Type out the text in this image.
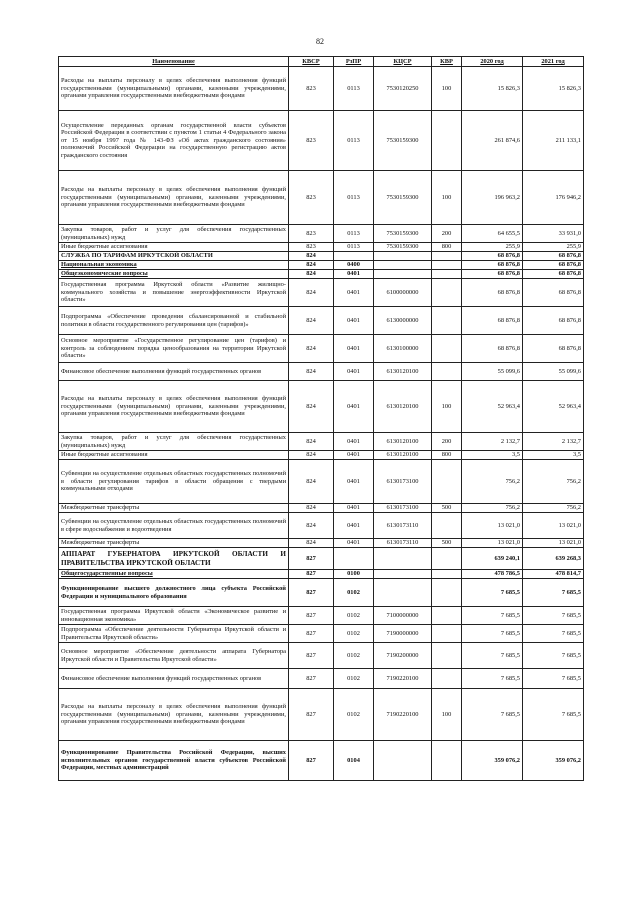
82
Наименование	КВСР	РзПР	КЦСР	КВР	2020 год	2021 год
Расходы на выплаты персоналу в целях обеспечения выполнения функций государственными (муниципальными) органами, казенными учреждениями, органами управления государственными внебюджетными фондами	823	0113	7530120250	100	15 826,3	15 826,3
Осуществление переданных органам государственной власти субъектов Российской Федерации в соответствии с пунктом 1 статьи 4 Федерального закона от 15 ноября 1997 года № 143-ФЗ «Об актах гражданского состояния» полномочий Российской Федерации на государственную регистрацию актов гражданского состояния	823	0113	7530159300		261 874,6	211 133,1
Расходы на выплаты персоналу в целях обеспечения выполнения функций государственными (муниципальными) органами, казенными учреждениями, органами управления государственными внебюджетными фондами	823	0113	7530159300	100	196 963,2	176 946,2
Закупка товаров, работ и услуг для обеспечения государственных (муниципальных) нужд	823	0113	7530159300	200	64 655,5	33 931,0
Иные бюджетные ассигнования	823	0113	7530159300	800	255,9	255,9
СЛУЖБА ПО ТАРИФАМ ИРКУТСКОЙ ОБЛАСТИ	824				68 876,8	68 876,8
Национальная экономика	824	0400			68 876,8	68 876,8
Общеэкономические вопросы	824	0401			68 876,8	68 876,8
Государственная программа Иркутской области «Развитие жилищно-коммунального хозяйства и повышение энергоэффективности Иркутской области»	824	0401	6100000000		68 876,8	68 876,8
Подпрограмма «Обеспечение проведения сбалансированной и стабильной политики в области государственного регулирования цен (тарифов)»	824	0401	6130000000		68 876,8	68 876,8
Основное мероприятие «Государственное регулирование цен (тарифов) и контроль за соблюдением порядка ценообразования на территории Иркутской области»	824	0401	6130100000		68 876,8	68 876,8
Финансовое обеспечение выполнения функций государственных органов	824	0401	6130120100		55 099,6	55 099,6
Расходы на выплаты персоналу в целях обеспечения выполнения функций государственными (муниципальными) органами, казенными учреждениями, органами управления государственными внебюджетными фондами	824	0401	6130120100	100	52 963,4	52 963,4
Закупка товаров, работ и услуг для обеспечения государственных (муниципальных) нужд	824	0401	6130120100	200	2 132,7	2 132,7
Иные бюджетные ассигнования	824	0401	6130120100	800	3,5	3,5
Субвенции на осуществление отдельных областных государственных полномочий в области регулирования тарифов в области обращения с твердыми коммунальными отходами	824	0401	6130173100		756,2	756,2
Межбюджетные трансферты	824	0401	6130173100	500	756,2	756,2
Субвенции на осуществление отдельных областных государственных полномочий в сфере водоснабжения и водоотведения	824	0401	6130173110		13 021,0	13 021,0
Межбюджетные трансферты	824	0401	6130173110	500	13 021,0	13 021,0
АППАРАТ ГУБЕРНАТОРА ИРКУТСКОЙ ОБЛАСТИ И ПРАВИТЕЛЬСТВА ИРКУТСКОЙ ОБЛАСТИ	827				639 240,1	639 268,3
Общегосударственные вопросы	827	0100			478 786,5	478 814,7
Функционирование высшего должностного лица субъекта Российской Федерации и муниципального образования	827	0102			7 685,5	7 685,5
Государственная программа Иркутской области «Экономическое развитие и инновационная экономика»	827	0102	7100000000		7 685,5	7 685,5
Подпрограмма «Обеспечение деятельности Губернатора Иркутской области и Правительства Иркутской области»	827	0102	7190000000		7 685,5	7 685,5
Основное мероприятие «Обеспечение деятельности аппарата Губернатора Иркутской области и Правительства Иркутской области»	827	0102	7190200000		7 685,5	7 685,5
Финансовое обеспечение выполнения функций государственных органов	827	0102	7190220100		7 685,5	7 685,5
Расходы на выплаты персоналу в целях обеспечения выполнения функций государственными (муниципальными) органами, казенными учреждениями, органами управления государственными внебюджетными фондами	827	0102	7190220100	100	7 685,5	7 685,5
Функционирование Правительства Российской Федерации, высших исполнительных органов государственной власти субъектов Российской Федерации, местных администраций	827	0104			359 076,2	359 076,2
